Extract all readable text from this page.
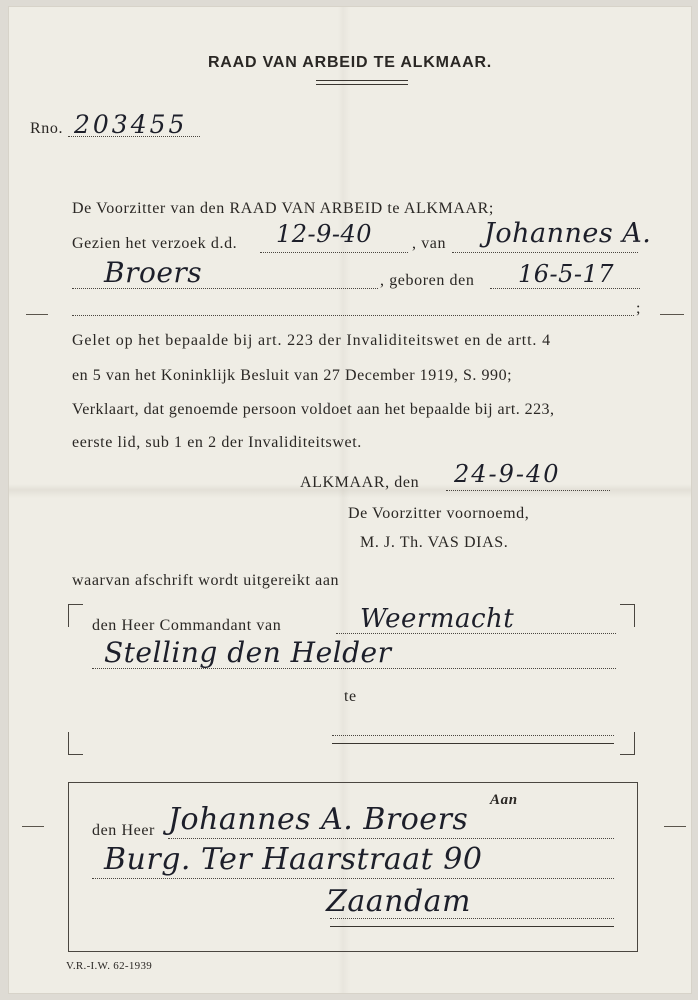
RAAD VAN ARBEID TE ALKMAAR.
Rno. 203455
De Voorzitter van den RAAD VAN ARBEID te ALKMAAR;
Gezien het verzoek d.d. 12-9-40 , van Johannes A.
Broers	, geboren den 16-5-17
;
Gelet op het bepaalde bij art. 223 der Invaliditeitswet en de artt. 4
en 5 van het Koninklijk Besluit van 27 December 1919, S. 990;
Verklaart, dat genoemde persoon voldoet aan het bepaalde bij art. 223,
eerste lid, sub 1 en 2 der Invaliditeitswet.
ALKMAAR, den 24-9-40
De Voorzitter voornoemd,
M. J. Th. VAS DIAS.
waarvan afschrift wordt uitgereikt aan
den Heer Commandant van	Weermacht
Stelling den Helder
te
Aan
den Heer Johannes A. Broers
Burg. Ter Haarstraat 90
Zaandam
V.R.-I.W. 62-1939
